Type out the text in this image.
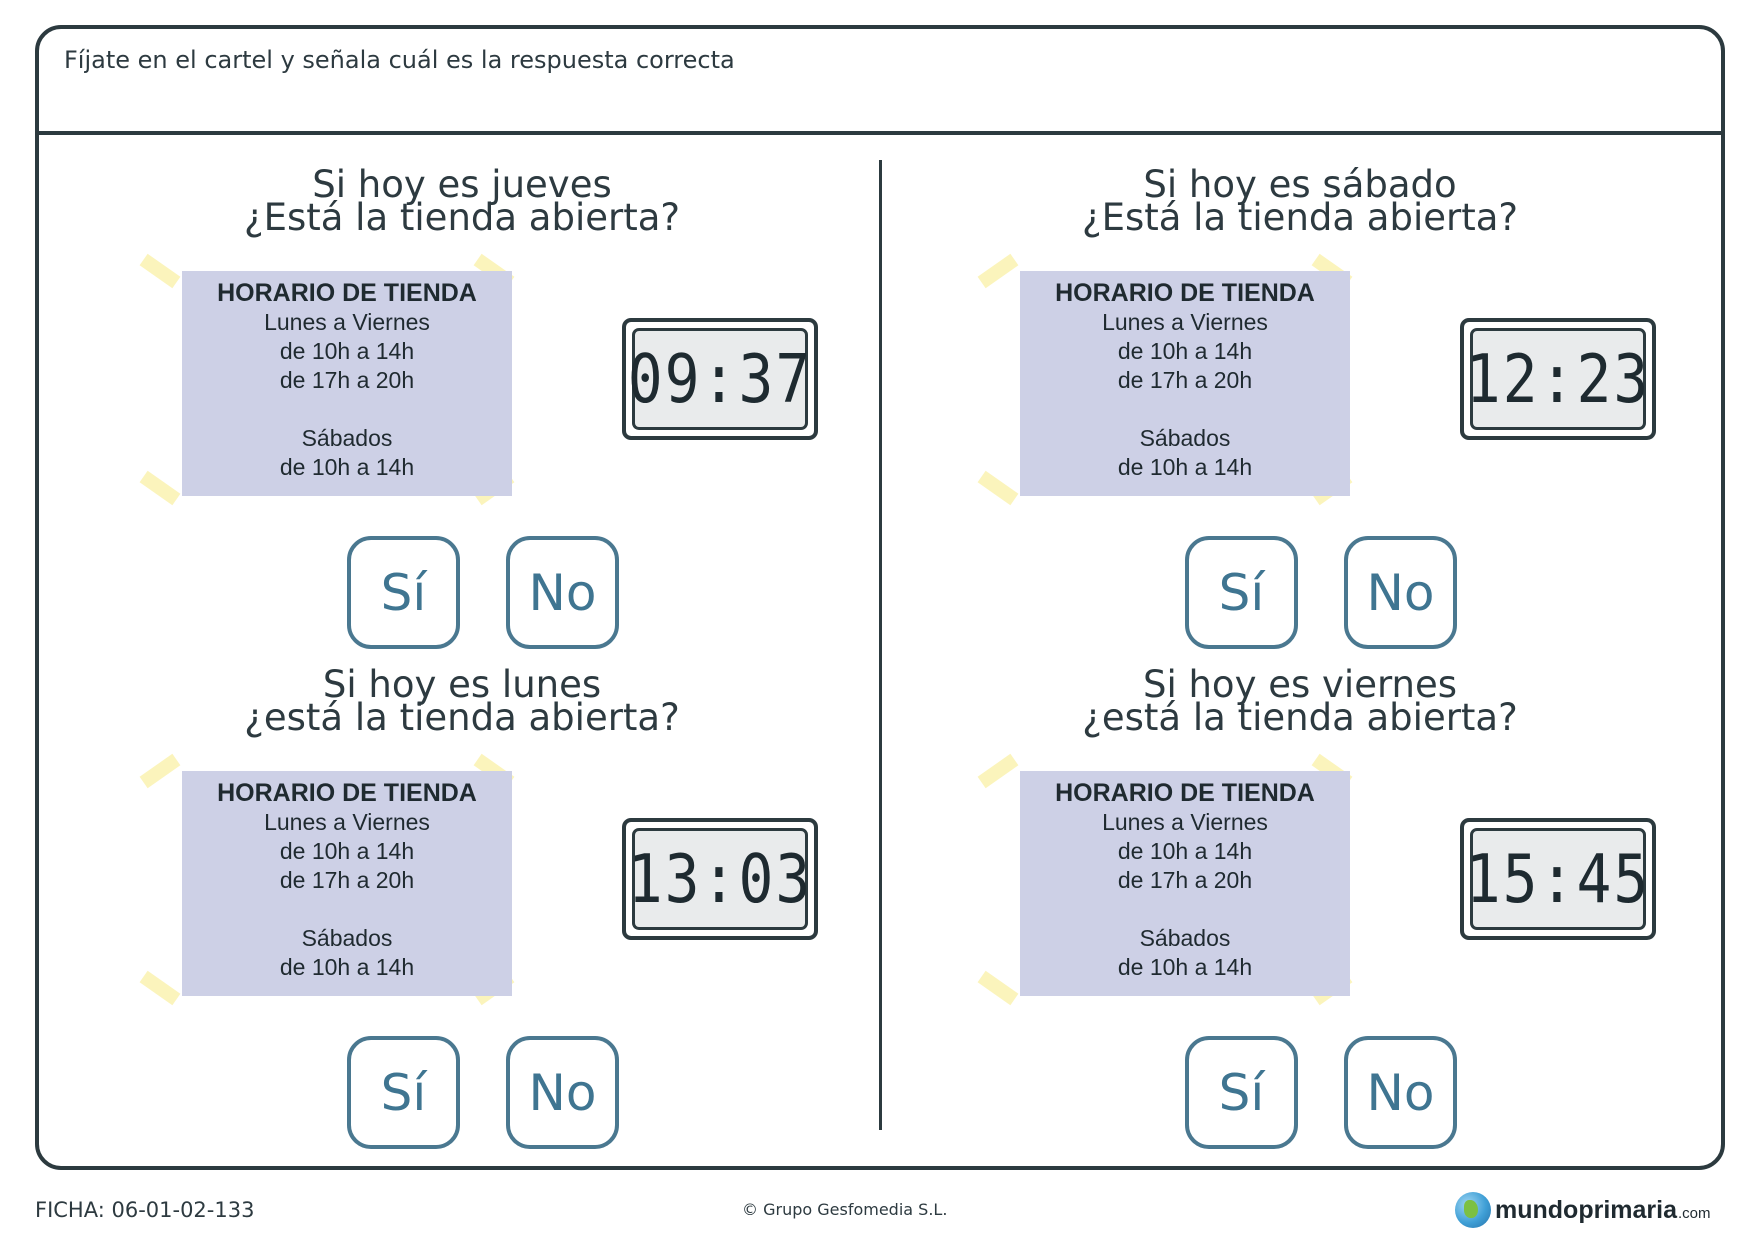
Fíjate en el cartel y señala cuál es la respuesta correcta
Si hoy es jueves
¿Está la tienda abierta?
HORARIO DE TIENDA
Lunes a Viernes
de 10h a 14h
de 17h a 20h
Sábados
de 10h a 14h
09:37
Sí	No
Si hoy es sábado
¿Está la tienda abierta?
HORARIO DE TIENDA
Lunes a Viernes
de 10h a 14h
de 17h a 20h
Sábados
de 10h a 14h
12:23
Sí	No
Si hoy es lunes
¿está la tienda abierta?
HORARIO DE TIENDA
Lunes a Viernes
de 10h a 14h
de 17h a 20h
Sábados
de 10h a 14h
13:03
Sí	No
Si hoy es viernes
¿está la tienda abierta?
HORARIO DE TIENDA
Lunes a Viernes
de 10h a 14h
de 17h a 20h
Sábados
de 10h a 14h
15:45
Sí	No
FICHA: 06-01-02-133	© Grupo Gesfomedia S.L.	mundoprimaria .com
